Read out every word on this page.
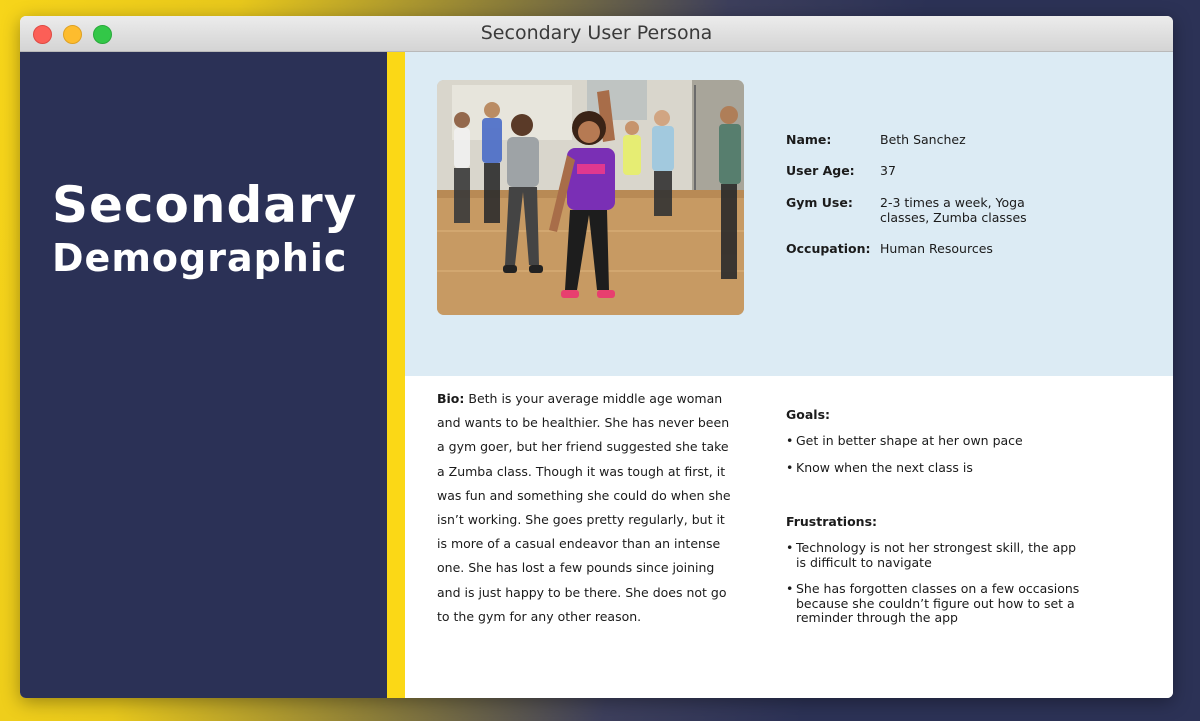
Secondary User Persona
Secondary
Demographic
Name:	Beth Sanchez
User Age:	37
Gym Use:	2-3 times a week, Yoga classes, Zumba classes
Occupation: Human Resources
Bio: Beth is your average middle age woman and wants to be healthier. She has never been a gym goer, but her friend suggested she take a Zumba class. Though it was tough at first, it was fun and something she could do when she isn’t working. She goes pretty regularly, but it is more of a casual endeavor than an intense one. She has lost a few pounds since joining and is just happy to be there. She does not go to the gym for any other reason.
Goals:
• Get in better shape at her own pace
• Know when the next class is
Frustrations:
• Technology is not her strongest skill, the app is difficult to navigate
• She has forgotten classes on a few occasions because she couldn’t figure out how to set a reminder through the app
